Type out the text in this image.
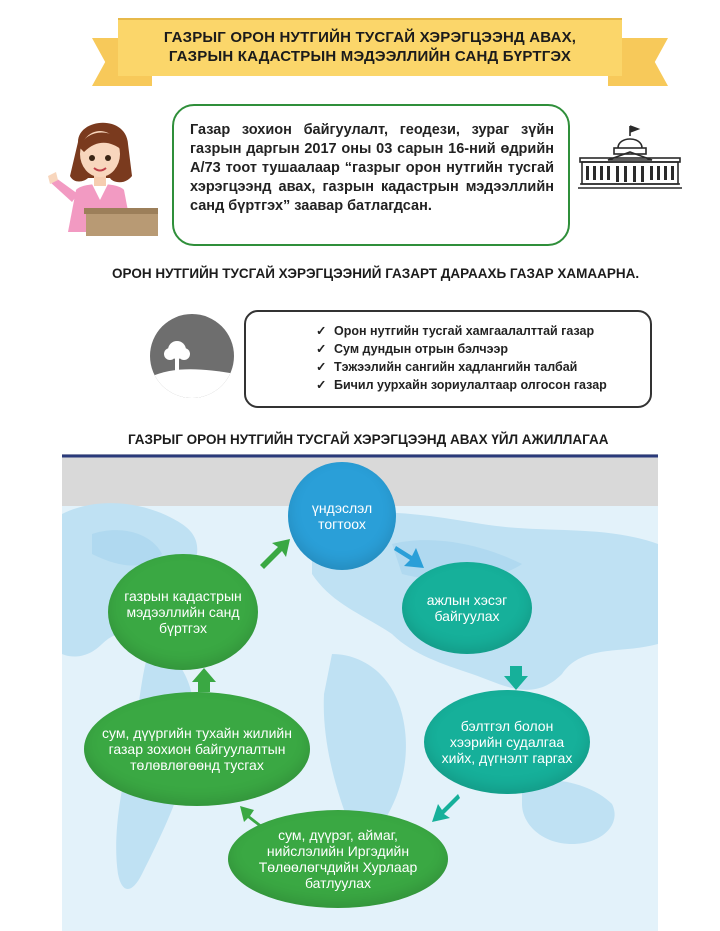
ГАЗРЫГ ОРОН НУТГИЙН ТУСГАЙ ХЭРЭГЦЭЭНД АВАХ,
ГАЗРЫН КАДАСТРЫН МЭДЭЭЛЛИЙН САНД БҮРТГЭХ
Газар зохион байгуулалт, геодези, зураг зүйн газрын даргын 2017 оны 03 сарын 16-ний өдрийн А/73 тоот тушаалаар “газрыг орон нутгийн тусгай хэрэгцээнд авах, газрын кадастрын мэдээллийн санд бүртгэх” заавар батлагдсан.
ОРОН НУТГИЙН ТУСГАЙ ХЭРЭГЦЭЭНИЙ ГАЗАРТ ДАРААХЬ ГАЗАР ХАМААРНА.
✓ Орон нутгийн тусгай хамгаалалттай газар
✓ Сум дундын отрын бэлчээр
✓ Тэжээлийн сангийн хадлангийн талбай
✓ Бичил уурхайн зориулалтаар олгосон газар
ГАЗРЫГ ОРОН НУТГИЙН ТУСГАЙ ХЭРЭГЦЭЭНД АВАХ ҮЙЛ АЖИЛЛАГАА
үндэслэл тогтоох
ажлын хэсэг байгуулах
бэлтгэл болон хээрийн судалгаа хийх, дүгнэлт гаргах
сум, дүүрэг, аймаг, нийслэлийн Иргэдийн Төлөөлөгчдийн Хурлаар батлуулах
сум, дүүргийн тухайн жилийн газар зохион байгуулалтын төлөвлөгөөнд тусгах
газрын кадастрын мэдээллийн санд бүртгэх
